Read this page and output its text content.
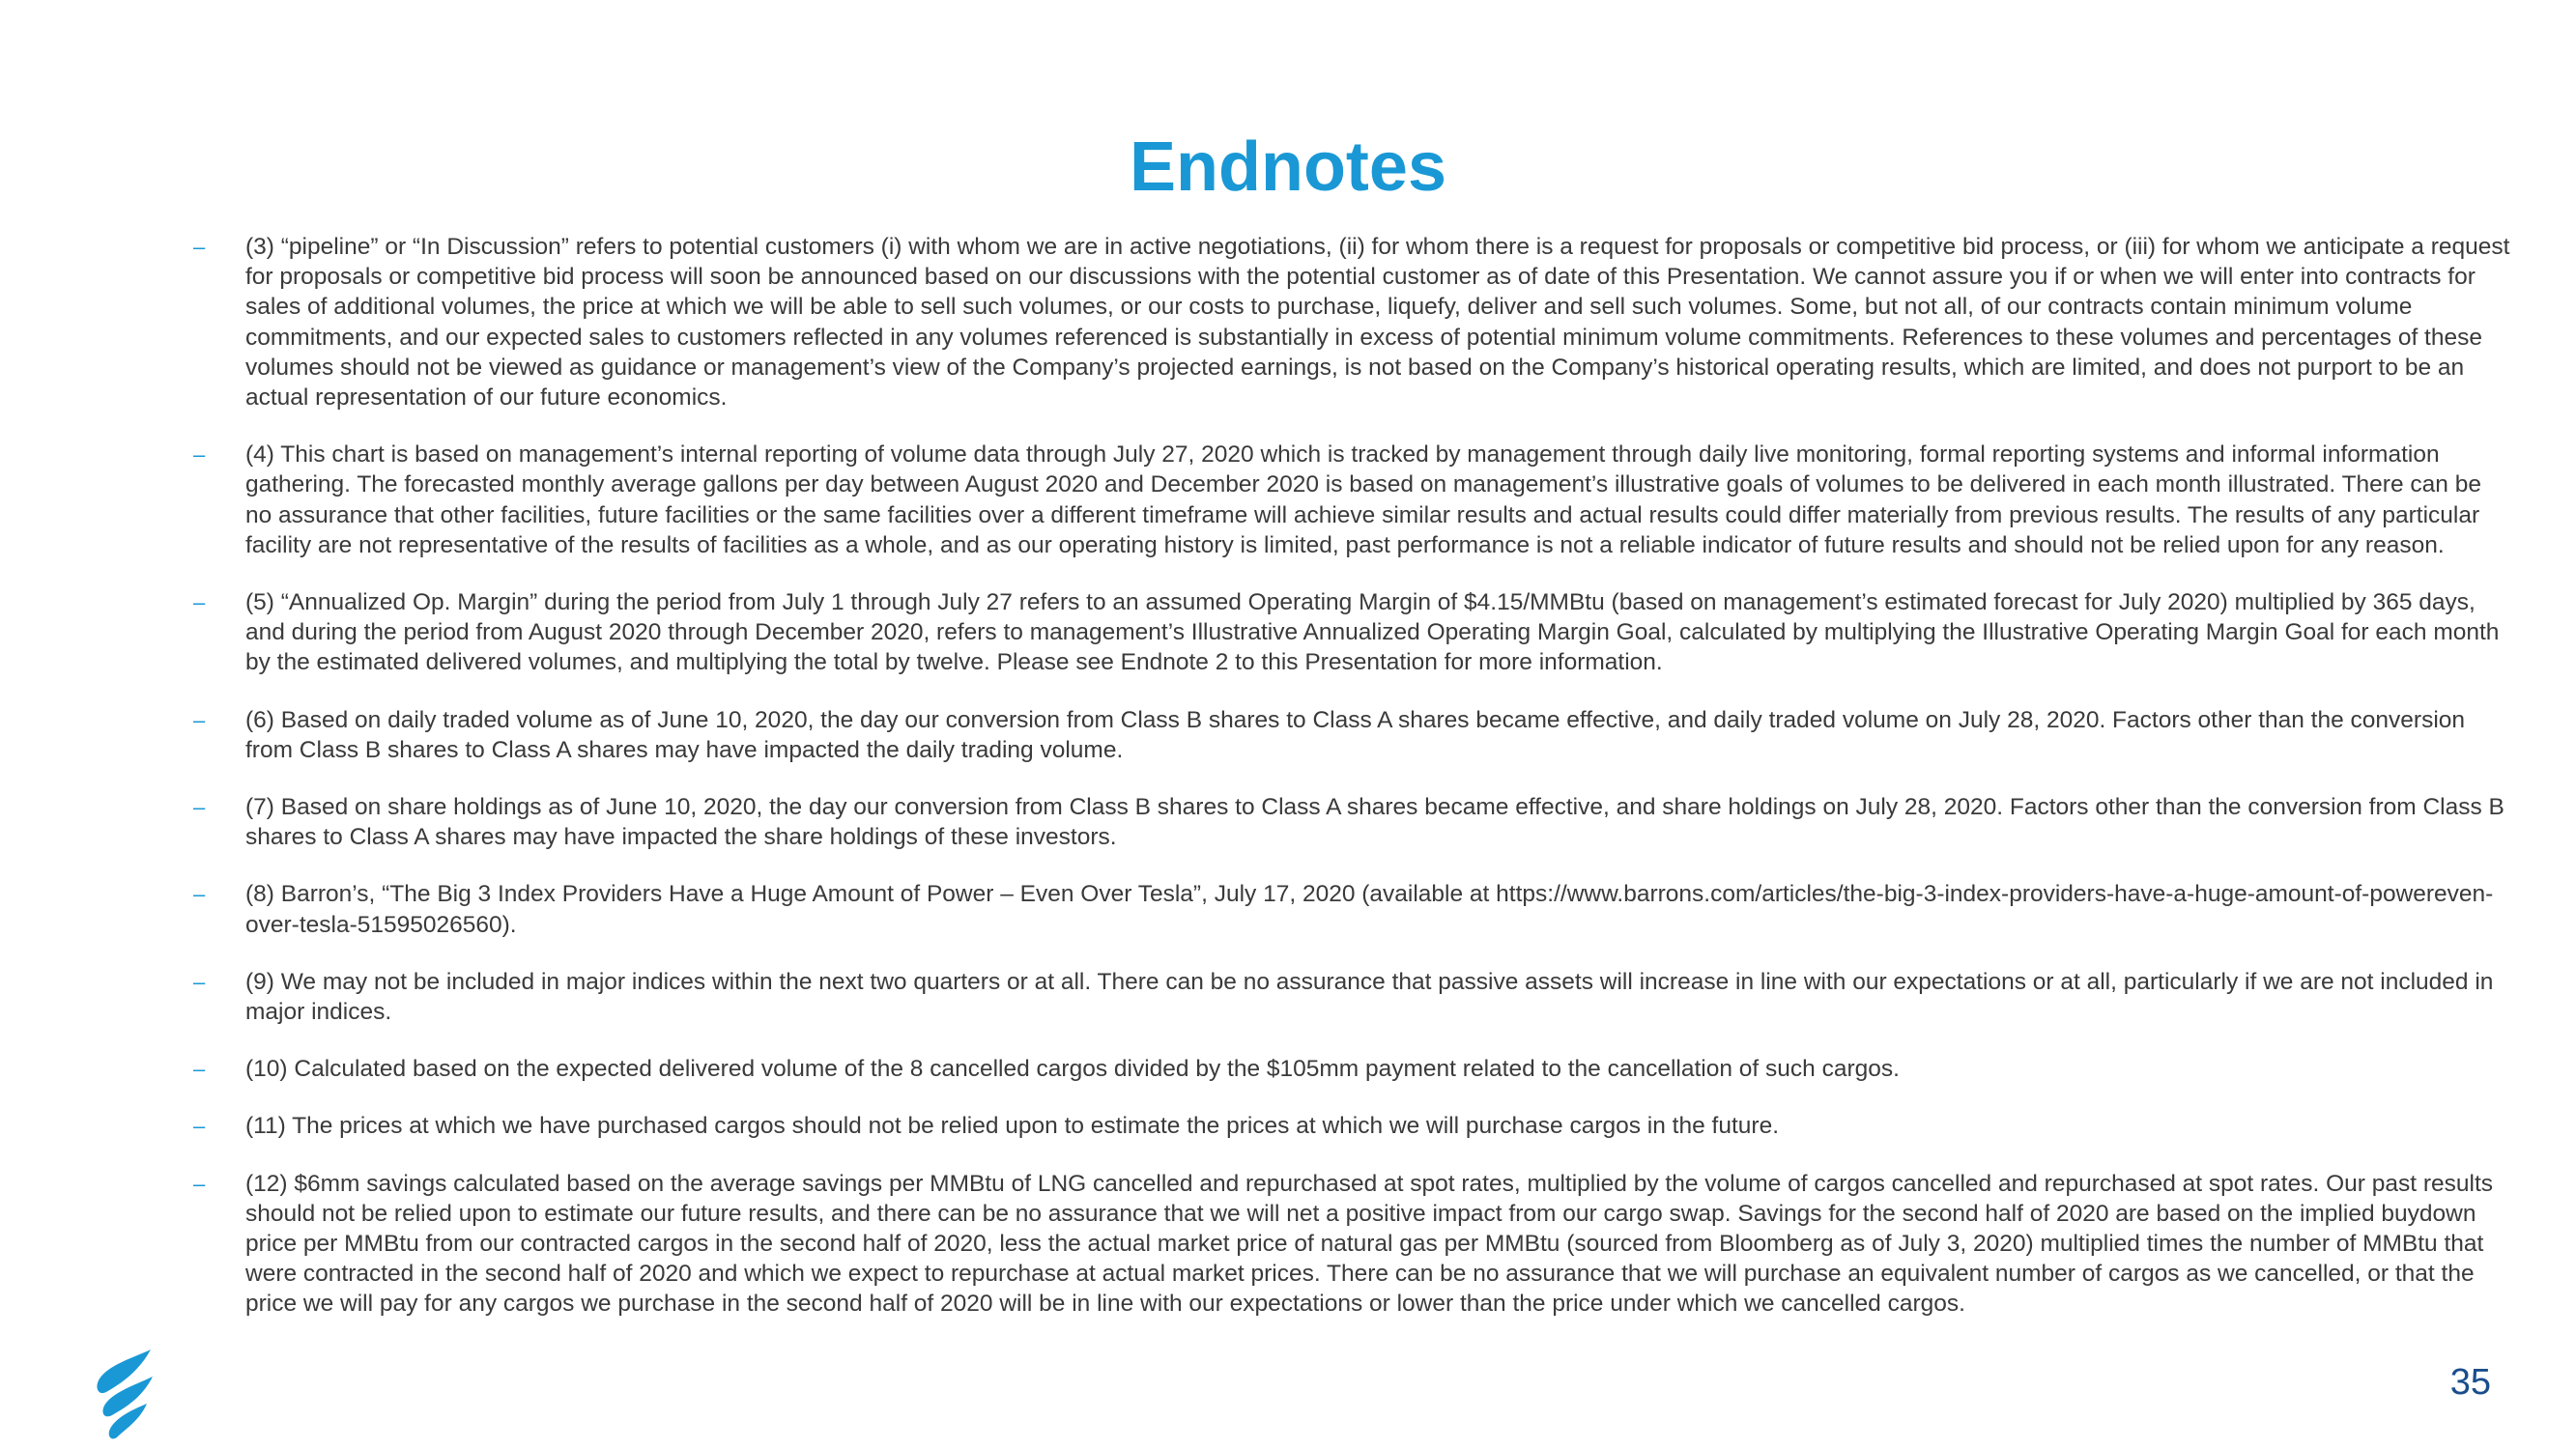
Endnotes
– (3) “pipeline” or “In Discussion” refers to potential customers (i) with whom we are in active negotiations, (ii) for whom there is a request for proposals or competitive bid process, or (iii) for whom we anticipate a request for proposals or competitive bid process will soon be announced based on our discussions with the potential customer as of date of this Presentation. We cannot assure you if or when we will enter into contracts for sales of additional volumes, the price at which we will be able to sell such volumes, or our costs to purchase, liquefy, deliver and sell such volumes. Some, but not all, of our contracts contain minimum volume commitments, and our expected sales to customers reflected in any volumes referenced is substantially in excess of potential minimum volume commitments. References to these volumes and percentages of these volumes should not be viewed as guidance or management’s view of the Company’s projected earnings, is not based on the Company’s historical operating results, which are limited, and does not purport to be an actual representation of our future economics.
– (4) This chart is based on management’s internal reporting of volume data through July 27, 2020 which is tracked by management through daily live monitoring, formal reporting systems and informal information gathering. The forecasted monthly average gallons per day between August 2020 and December 2020 is based on management’s illustrative goals of volumes to be delivered in each month illustrated. There can be no assurance that other facilities, future facilities or the same facilities over a different timeframe will achieve similar results and actual results could differ materially from previous results. The results of any particular facility are not representative of the results of facilities as a whole, and as our operating history is limited, past performance is not a reliable indicator of future results and should not be relied upon for any reason.
– (5) “Annualized Op. Margin” during the period from July 1 through July 27 refers to an assumed Operating Margin of $4.15/MMBtu (based on management’s estimated forecast for July 2020) multiplied by 365 days, and during the period from August 2020 through December 2020, refers to management’s Illustrative Annualized Operating Margin Goal, calculated by multiplying the Illustrative Operating Margin Goal for each month by the estimated delivered volumes, and multiplying the total by twelve. Please see Endnote 2 to this Presentation for more information.
– (6) Based on daily traded volume as of June 10, 2020, the day our conversion from Class B shares to Class A shares became effective, and daily traded volume on July 28, 2020. Factors other than the conversion from Class B shares to Class A shares may have impacted the daily trading volume.
– (7) Based on share holdings as of June 10, 2020, the day our conversion from Class B shares to Class A shares became effective, and share holdings on July 28, 2020. Factors other than the conversion from Class B shares to Class A shares may have impacted the share holdings of these investors.
– (8) Barron’s, “The Big 3 Index Providers Have a Huge Amount of Power – Even Over Tesla”, July 17, 2020 (available at https://www.barrons.com/articles/the-big-3-index-providers-have-a-huge-amount-of-powereven-over-tesla-51595026560).
– (9) We may not be included in major indices within the next two quarters or at all. There can be no assurance that passive assets will increase in line with our expectations or at all, particularly if we are not included in major indices.
– (10) Calculated based on the expected delivered volume of the 8 cancelled cargos divided by the $105mm payment related to the cancellation of such cargos.
– (11) The prices at which we have purchased cargos should not be relied upon to estimate the prices at which we will purchase cargos in the future.
– (12) $6mm savings calculated based on the average savings per MMBtu of LNG cancelled and repurchased at spot rates, multiplied by the volume of cargos cancelled and repurchased at spot rates. Our past results should not be relied upon to estimate our future results, and there can be no assurance that we will net a positive impact from our cargo swap. Savings for the second half of 2020 are based on the implied buydown price per MMBtu from our contracted cargos in the second half of 2020, less the actual market price of natural gas per MMBtu (sourced from Bloomberg as of July 3, 2020) multiplied times the number of MMBtu that were contracted in the second half of 2020 and which we expect to repurchase at actual market prices. There can be no assurance that we will purchase an equivalent number of cargos as we cancelled, or that the price we will pay for any cargos we purchase in the second half of 2020 will be in line with our expectations or lower than the price under which we cancelled cargos.
35
